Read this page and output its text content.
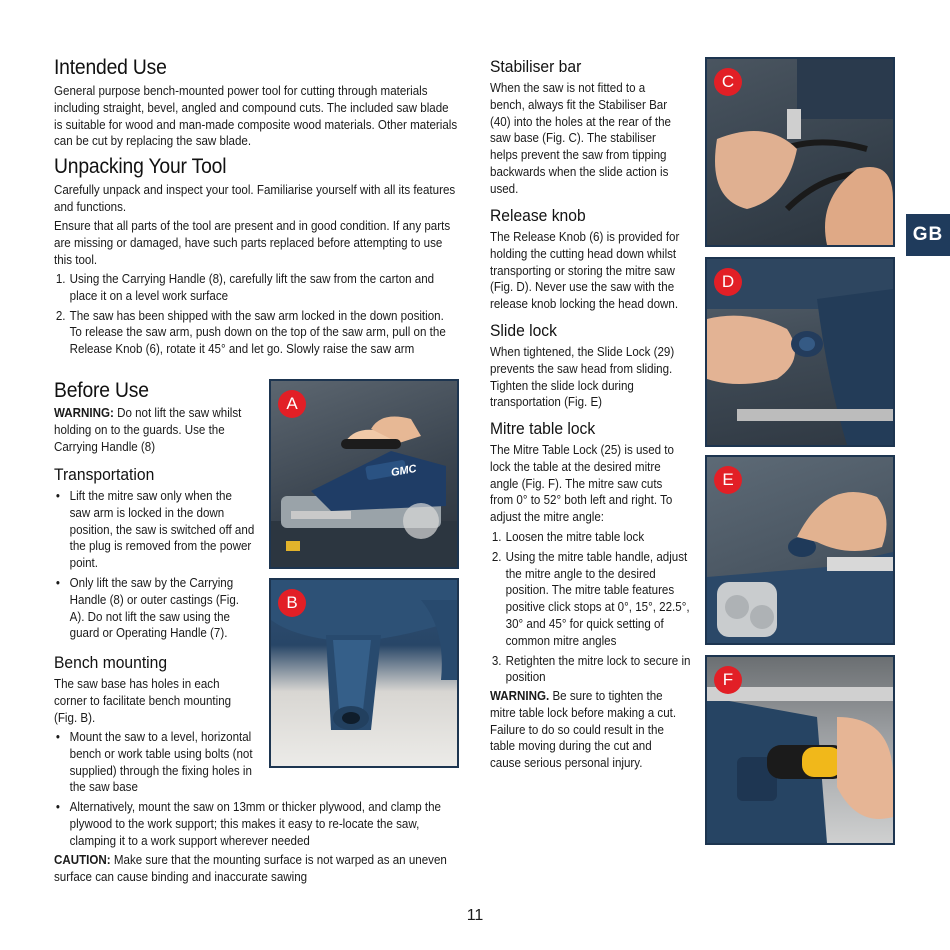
Intended Use
General purpose bench-mounted power tool for cutting through materials including straight, bevel, angled and compound cuts. The included saw blade is suitable for wood and man-made composite wood materials. Other materials can be cut by replacing the saw blade.
Unpacking Your Tool
Carefully unpack and inspect your tool. Familiarise yourself with all its features and functions.
Ensure that all parts of the tool are present and in good condition. If any parts are missing or damaged, have such parts replaced before attempting to use this tool.
1. Using the Carrying Handle (8), carefully lift the saw from the carton and place it on a level work surface
2. The saw has been shipped with the saw arm locked in the down position. To release the saw arm, push down on the top of the saw arm, pull on the Release Knob (6), rotate it 45° and let go. Slowly raise the saw arm
Before Use
WARNING: Do not lift the saw whilst holding on to the guards. Use the Carrying Handle (8)
Transportation
• Lift the mitre saw only when the saw arm is locked in the down position, the saw is switched off and the plug is removed from the power point.
• Only lift the saw by the Carrying Handle (8) or outer castings (Fig. A). Do not lift the saw using the guard or Operating Handle (7).
Bench mounting
The saw base has holes in each corner to facilitate bench mounting (Fig. B).
• Mount the saw to a level, horizontal bench or work table using bolts (not supplied) through the fixing holes in the saw base
• Alternatively, mount the saw on 13mm or thicker plywood, and clamp the plywood to the work support; this makes it easy to re-locate the saw, clamping it to a work support wherever needed
CAUTION: Make sure that the mounting surface is not warped as an uneven surface can cause binding and inaccurate sawing
GMC
A
B
Stabiliser bar
When the saw is not fitted to a bench, always fit the Stabiliser Bar (40) into the holes at the rear of the saw base (Fig. C). The stabiliser helps prevent the saw from tipping backwards when the slide action is used.
Release knob
The Release Knob (6) is provided for holding the cutting head down whilst transporting or storing the mitre saw (Fig. D). Never use the saw with the release knob locking the head down.
Slide lock
When tightened, the Slide Lock (29) prevents the saw head from sliding. Tighten the slide lock during transportation (Fig. E)
Mitre table lock
The Mitre Table Lock (25) is used to lock the table at the desired mitre angle (Fig. F). The mitre saw cuts from 0° to 52° both left and right. To adjust the mitre angle:
1. Loosen the mitre table lock
2. Using the mitre table handle, adjust the mitre angle to the desired position. The mitre table features positive click stops at 0°, 15°, 22.5°, 30° and 45° for quick setting of common mitre angles
3. Retighten the mitre lock to secure in position
WARNING. Be sure to tighten the mitre table lock before making a cut. Failure to do so could result in the table moving during the cut and cause serious personal injury.
C
D
E
F
GB
11
